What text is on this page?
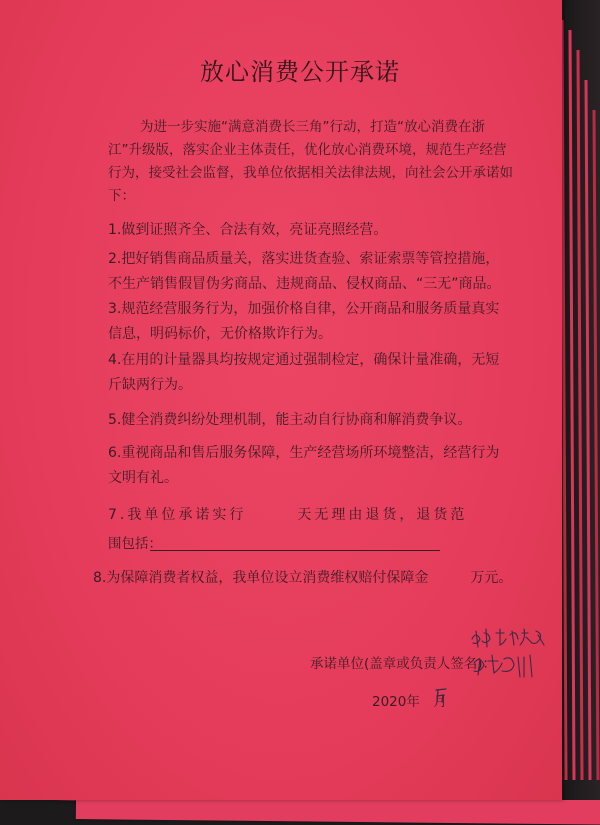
放心消费公开承诺
为进一步实施“满意消费长三角”行动，打造“放心消费在浙江”升级版，落实企业主体责任，优化放心消费环境，规范生产经营行为，接受社会监督，我单位依据相关法律法规，向社会公开承诺如下：
1.做到证照齐全、合法有效，亮证亮照经营。
2.把好销售商品质量关，落实进货查验、索证索票等管控措施，不生产销售假冒伪劣商品、违规商品、侵权商品、“三无”商品。
3.规范经营服务行为，加强价格自律，公开商品和服务质量真实信息，明码标价，无价格欺诈行为。
4.在用的计量器具均按规定通过强制检定，确保计量准确，无短斤缺两行为。
5.健全消费纠纷处理机制，能主动自行协商和解消费争议。
6.重视商品和售后服务保障，生产经营场所环境整洁，经营行为文明有礼。
7.我单位承诺实行　　　天无理由退货，退货范
围包括：
8.为保障消费者权益，我单位设立消费维权赔付保障金　　　万元。
承诺单位(盖章或负责人签名)：
2020年　月
